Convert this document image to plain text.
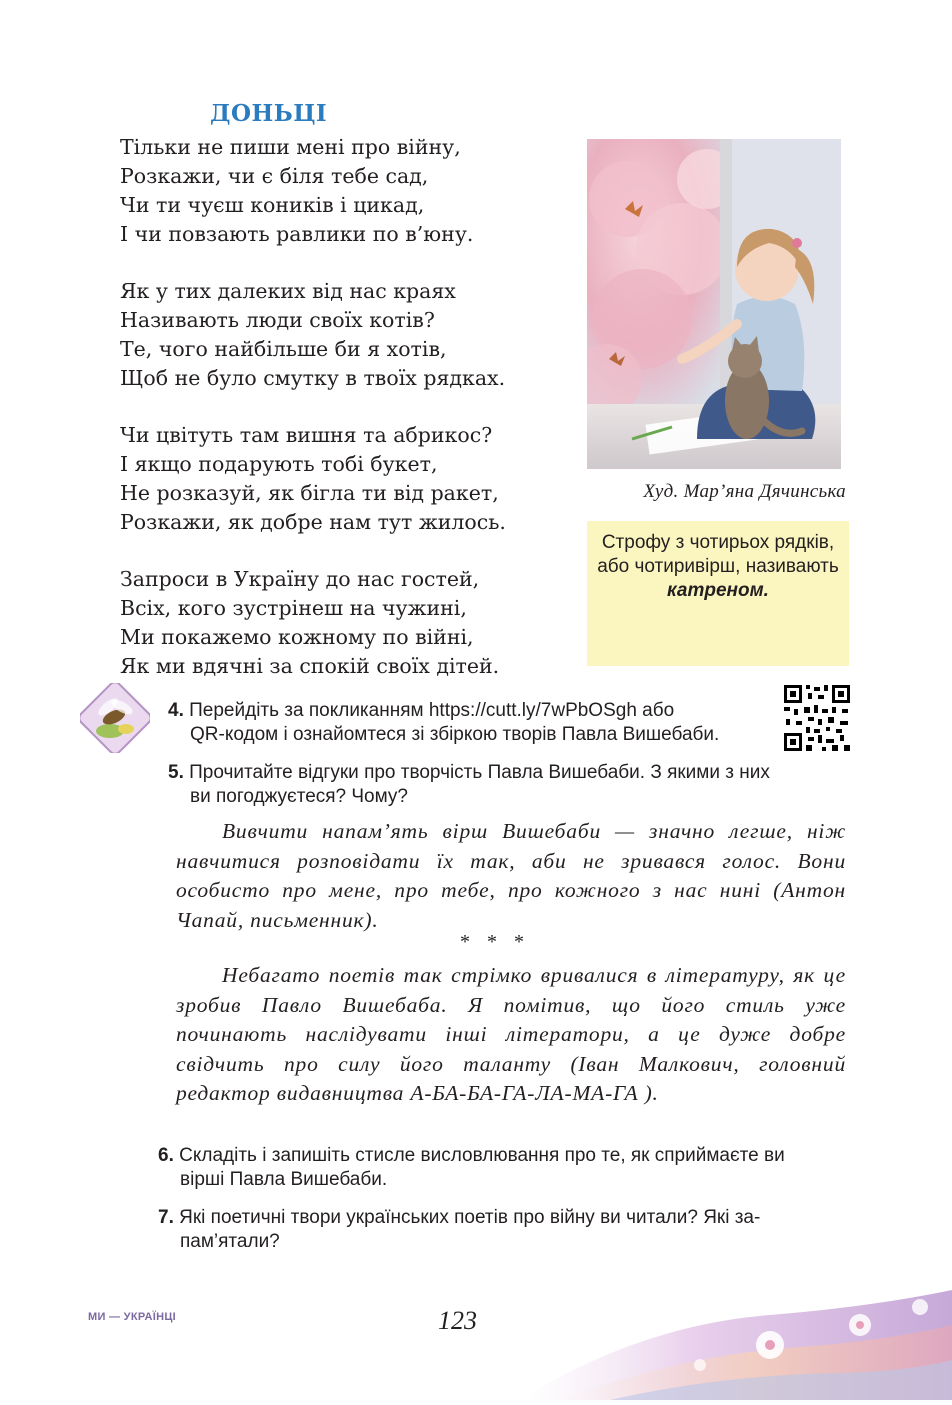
ДОНЬЦІ

Тільки не пиши мені про війну,
Розкажи, чи є біля тебе сад,
Чи ти чуєш коників і цикад,
І чи повзають равлики по в’юну.

Як у тих далеких від нас краях
Називають люди своїх котів?
Те, чого найбільше би я хотів,
Щоб не було смутку в твоїх рядках.

Чи цвітуть там вишня та абрикос?
І якщо подарують тобі букет,
Не розказуй, як бігла ти від ракет,
Розкажи, як добре нам тут жилось.

Запроси в Україну до нас гостей,
Всіх, кого зустрінеш на чужині,
Ми покажемо кожному по війні,
Як ми вдячні за спокій своїх дітей.

Худ. Мар’яна Дячинська
Строфу з чотирьох рядків, або чотиривірш, називають катреном.
4. Перейдіть за покликанням https://cutt.ly/7wPbOSgh або
QR-кодом і ознайомтеся зі збіркою творів Павла Вишебаби.
5. Прочитайте відгуки про творчість Павла Вишебаби. З якими з них
ви погоджуєтеся? Чому?
Вивчити напам’ять вірш Вишебаби — значно легше, ніж навчитися розповідати їх так, аби не зривався голос. Вони особисто про мене, про тебе, про кожного з нас нині (Антон Чапай, письменник).
* * *
Небагато поетів так стрімко вривалися в літературу, як це зробив Павло Вишебаба. Я помітив, що його стиль уже починають наслідувати інші літератори, а це дуже добре свідчить про силу його таланту (Іван Малкович, головний редактор видавництва А-БА-БА-ГА-ЛА-МА-ГА ).
6. Складіть і запишіть стисле висловлювання про те, як сприймаєте ви
вірші Павла Вишебаби.
7. Які поетичні твори українських поетів про війну ви читали? Які за-
пам’ятали?
МИ — УКРАЇНЦІ	123
